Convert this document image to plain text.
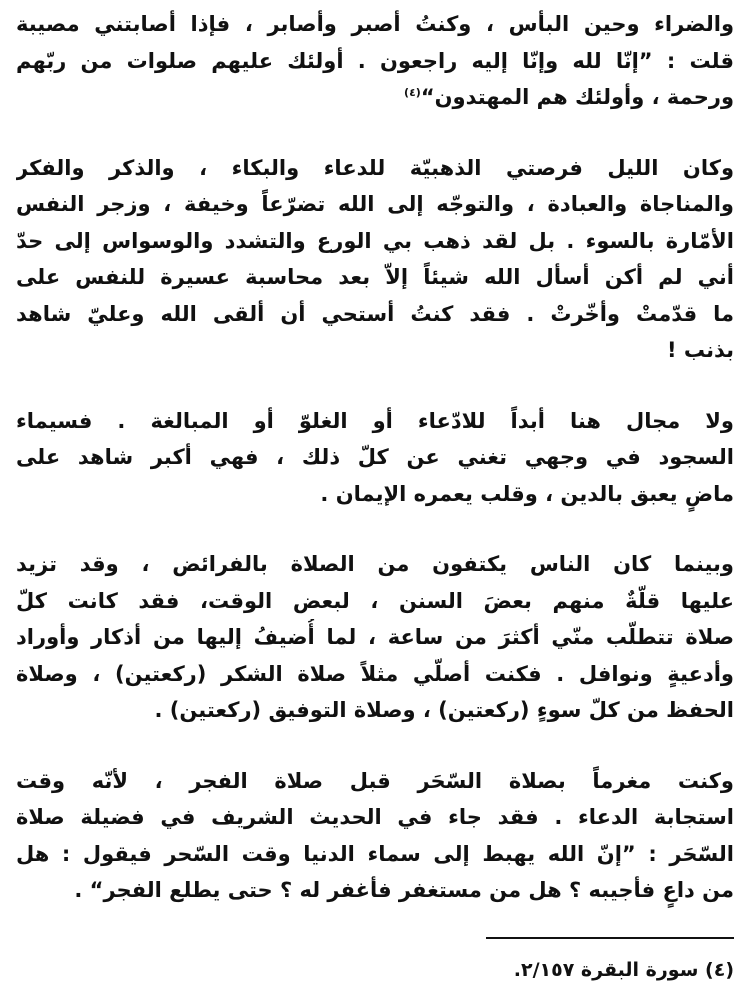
والضراء وحين البأس ، وكنتُ أصبر وأصابر ، فإذا أصابتني مصيبة
قلت : ”إنّا لله وإنّا إليه راجعون . أولئك عليهم صلوات من ربّهم
ورحمة ، وأولئك هم المهتدون“$^{(٤)}$
وكان الليل فرصتي الذهبيّة للدعاء والبكاء ، والذكر والفكر
والمناجاة والعبادة ، والتوجّه إلى الله تضرّعاً وخيفة ، وزجر النفس
الأمّارة بالسوء . بل لقد ذهب بي الورع والتشدد والوسواس إلى حدّ
أني لم أكن أسأل الله شيئاً إلاّ بعد محاسبة عسيرة للنفس على
ما قدّمتْ وأخّرتْ . فقد كنتُ أستحي أن ألقى الله وعليّ شاهد
بذنب !
ولا مجال هنا أبداً للادّعاء أو الغلوّ أو المبالغة . فسيماء
السجود في وجهي تغني عن كلّ ذلك ، فهي أكبر شاهد على
ماضٍ يعبق بالدين ، وقلب يعمره الإيمان .
وبينما كان الناس يكتفون من الصلاة بالفرائض ، وقد تزيد
عليها قلّةٌ منهم بعضَ السنن ، لبعض الوقت، فقد كانت كلّ
صلاة تتطلّب منّي أكثرَ من ساعة ، لما أُضيفُ إليها من أذكار وأوراد
وأدعيةٍ ونوافل . فكنت أصلّي مثلاً صلاة الشكر (ركعتين) ، وصلاة
الحفظ من كلّ سوءٍ (ركعتين) ، وصلاة التوفيق (ركعتين) .
وكنت مغرماً بصلاة السّحَر قبل صلاة الفجر ، لأنّه وقت
استجابة الدعاء . فقد جاء في الحديث الشريف في فضيلة صلاة
السّحَر : ”إنّ الله يهبط إلى سماء الدنيا وقت السّحر فيقول : هل
من داعٍ فأجيبه ؟ هل من مستغفر فأغفر له ؟ حتى يطلع الفجر“ .
(٤) سورة البقرة ٢/١٥٧.
